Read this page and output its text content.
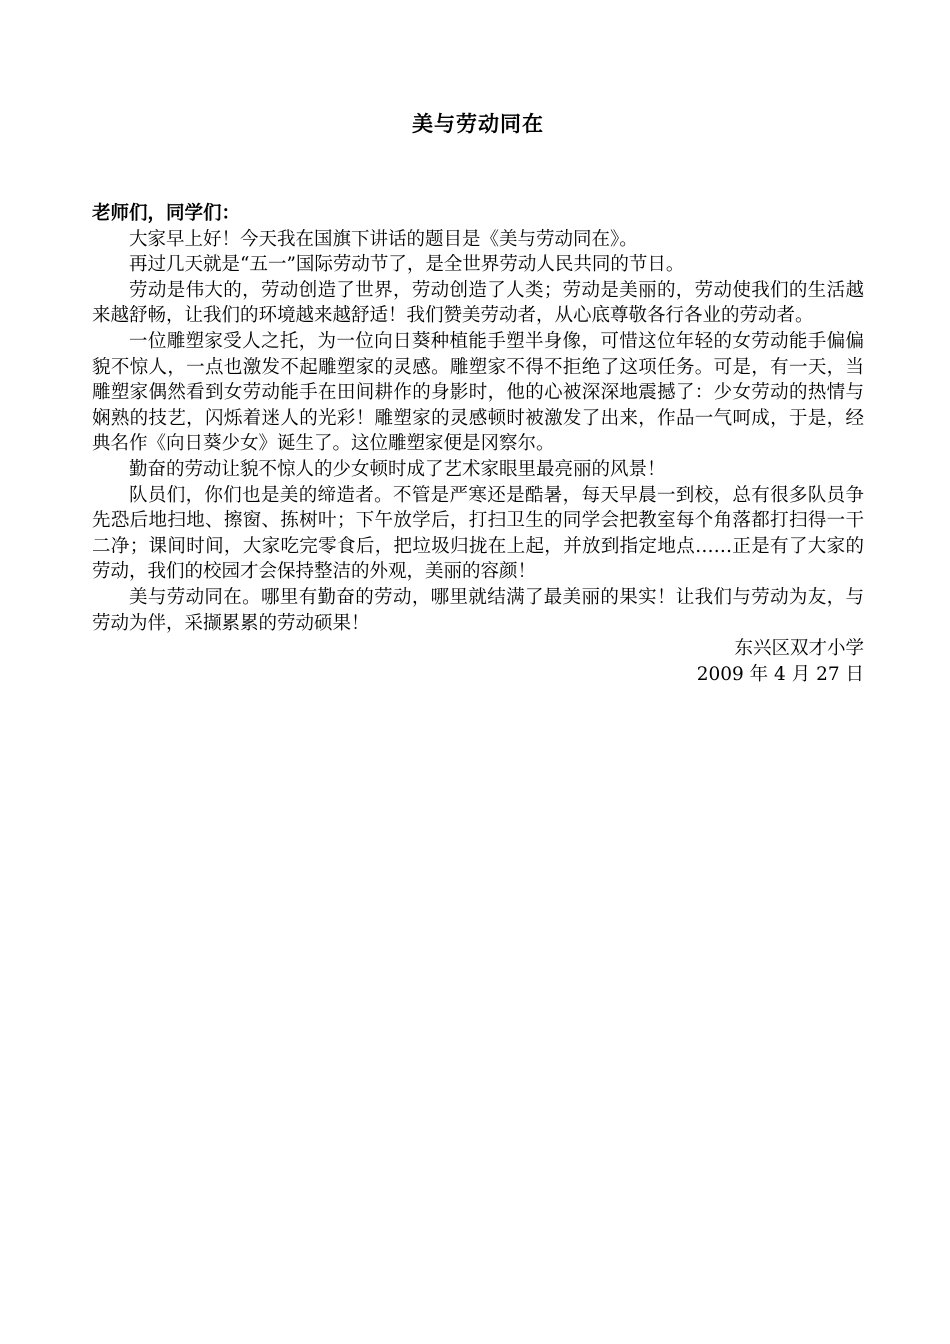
美与劳动同在

老师们，同学们：

大家早上好！今天我在国旗下讲话的题目是《美与劳动同在》。

再过几天就是“五一”国际劳动节了，是全世界劳动人民共同的节日。

劳动是伟大的，劳动创造了世界，劳动创造了人类；劳动是美丽的，劳动使我们的生活越来越舒畅，让我们的环境越来越舒适！我们赞美劳动者，从心底尊敬各行各业的劳动者。

一位雕塑家受人之托，为一位向日葵种植能手塑半身像，可惜这位年轻的女劳动能手偏偏貌不惊人，一点也激发不起雕塑家的灵感。雕塑家不得不拒绝了这项任务。可是，有一天，当雕塑家偶然看到女劳动能手在田间耕作的身影时，他的心被深深地震撼了：少女劳动的热情与娴熟的技艺，闪烁着迷人的光彩！雕塑家的灵感顿时被激发了出来，作品一气呵成，于是，经典名作《向日葵少女》诞生了。这位雕塑家便是冈察尔。

勤奋的劳动让貌不惊人的少女顿时成了艺术家眼里最亮丽的风景！

队员们，你们也是美的缔造者。不管是严寒还是酷暑，每天早晨一到校，总有很多队员争先恐后地扫地、擦窗、拣树叶；下午放学后，打扫卫生的同学会把教室每个角落都打扫得一干二净；课间时间，大家吃完零食后，把垃圾归拢在上起，并放到指定地点……正是有了大家的劳动，我们的校园才会保持整洁的外观，美丽的容颜！

美与劳动同在。哪里有勤奋的劳动，哪里就结满了最美丽的果实！让我们与劳动为友，与劳动为伴，采撷累累的劳动硕果！

东兴区双才小学

2009 年 4 月 27 日
